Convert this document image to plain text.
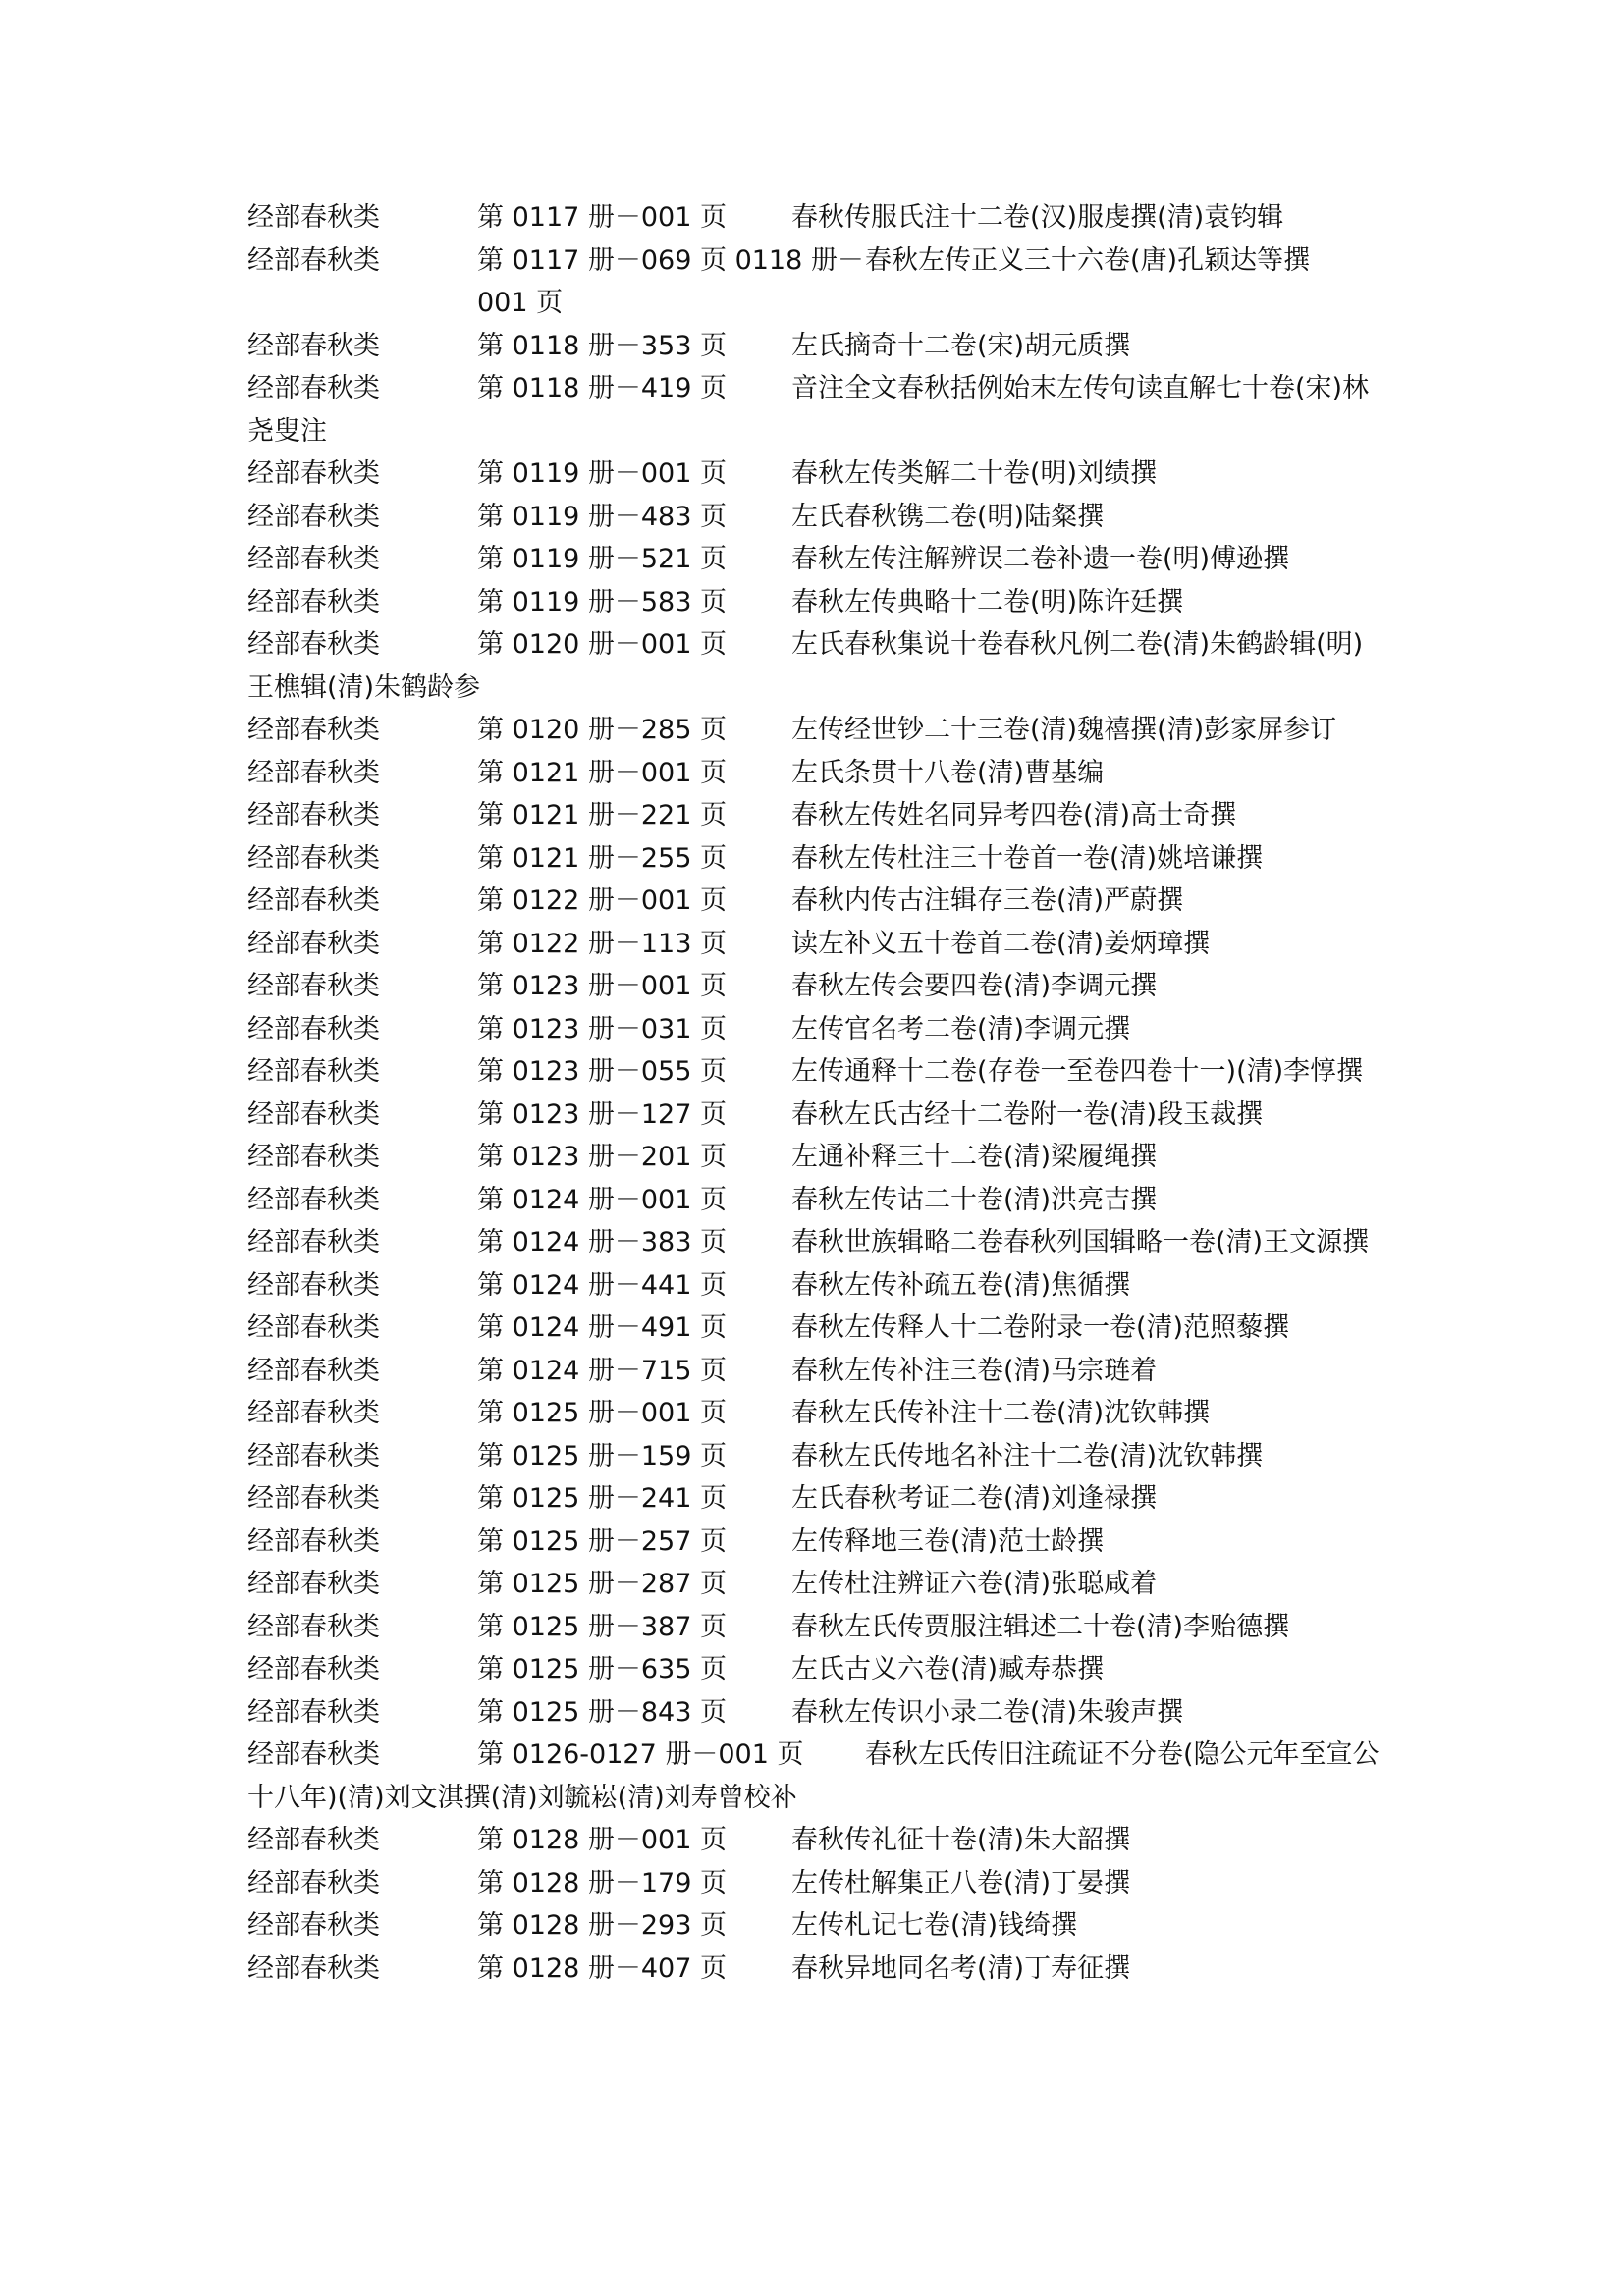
经部春秋类	第 0117 册－001 页 春秋传服氏注十二卷(汉)服虔撰(清)袁钧辑
经部春秋类	第 0117 册－069 页 0118 册－001 页春秋左传正义三十六卷(唐)孔颖达等撰
经部春秋类	第 0118 册－353 页 左氏摘奇十二卷(宋)胡元质撰
经部春秋类	第 0118 册－419 页 音注全文春秋括例始末左传句读直解七十卷(宋)林尧叟注
经部春秋类	第 0119 册－001 页 春秋左传类解二十卷(明)刘绩撰
经部春秋类	第 0119 册－483 页 左氏春秋镌二卷(明)陆粲撰
经部春秋类	第 0119 册－521 页 春秋左传注解辨误二卷补遗一卷(明)傅逊撰
经部春秋类	第 0119 册－583 页 春秋左传典略十二卷(明)陈许廷撰
经部春秋类	第 0120 册－001 页 左氏春秋集说十卷春秋凡例二卷(清)朱鹤龄辑(明)王樵辑(清)朱鹤龄参
经部春秋类	第 0120 册－285 页 左传经世钞二十三卷(清)魏禧撰(清)彭家屏参订
经部春秋类	第 0121 册－001 页 左氏条贯十八卷(清)曹基编
经部春秋类	第 0121 册－221 页 春秋左传姓名同异考四卷(清)高士奇撰
经部春秋类	第 0121 册－255 页 春秋左传杜注三十卷首一卷(清)姚培谦撰
经部春秋类	第 0122 册－001 页 春秋内传古注辑存三卷(清)严蔚撰
经部春秋类	第 0122 册－113 页 读左补义五十卷首二卷(清)姜炳璋撰
经部春秋类	第 0123 册－001 页 春秋左传会要四卷(清)李调元撰
经部春秋类	第 0123 册－031 页 左传官名考二卷(清)李调元撰
经部春秋类	第 0123 册－055 页 左传通释十二卷(存卷一至卷四卷十一)(清)李惇撰
经部春秋类	第 0123 册－127 页 春秋左氏古经十二卷附一卷(清)段玉裁撰
经部春秋类	第 0123 册－201 页 左通补释三十二卷(清)梁履绳撰
经部春秋类	第 0124 册－001 页 春秋左传诂二十卷(清)洪亮吉撰
经部春秋类	第 0124 册－383 页 春秋世族辑略二卷春秋列国辑略一卷(清)王文源撰
经部春秋类	第 0124 册－441 页 春秋左传补疏五卷(清)焦循撰
经部春秋类	第 0124 册－491 页 春秋左传释人十二卷附录一卷(清)范照藜撰
经部春秋类	第 0124 册－715 页 春秋左传补注三卷(清)马宗琏着
经部春秋类	第 0125 册－001 页 春秋左氏传补注十二卷(清)沈钦韩撰
经部春秋类	第 0125 册－159 页 春秋左氏传地名补注十二卷(清)沈钦韩撰
经部春秋类	第 0125 册－241 页 左氏春秋考证二卷(清)刘逢禄撰
经部春秋类	第 0125 册－257 页 左传释地三卷(清)范士龄撰
经部春秋类	第 0125 册－287 页 左传杜注辨证六卷(清)张聪咸着
经部春秋类	第 0125 册－387 页 春秋左氏传贾服注辑述二十卷(清)李贻德撰
经部春秋类	第 0125 册－635 页 左氏古义六卷(清)臧寿恭撰
经部春秋类	第 0125 册－843 页 春秋左传识小录二卷(清)朱骏声撰
经部春秋类	第 0126-0127 册－001 页 春秋左氏传旧注疏证不分卷(隐公元年至宣公十八年)(清)刘文淇撰(清)刘毓崧(清)刘寿曾校补
经部春秋类	第 0128 册－001 页 春秋传礼征十卷(清)朱大韶撰
经部春秋类	第 0128 册－179 页 左传杜解集正八卷(清)丁晏撰
经部春秋类	第 0128 册－293 页 左传札记七卷(清)钱绮撰
经部春秋类	第 0128 册－407 页 春秋异地同名考(清)丁寿征撰
